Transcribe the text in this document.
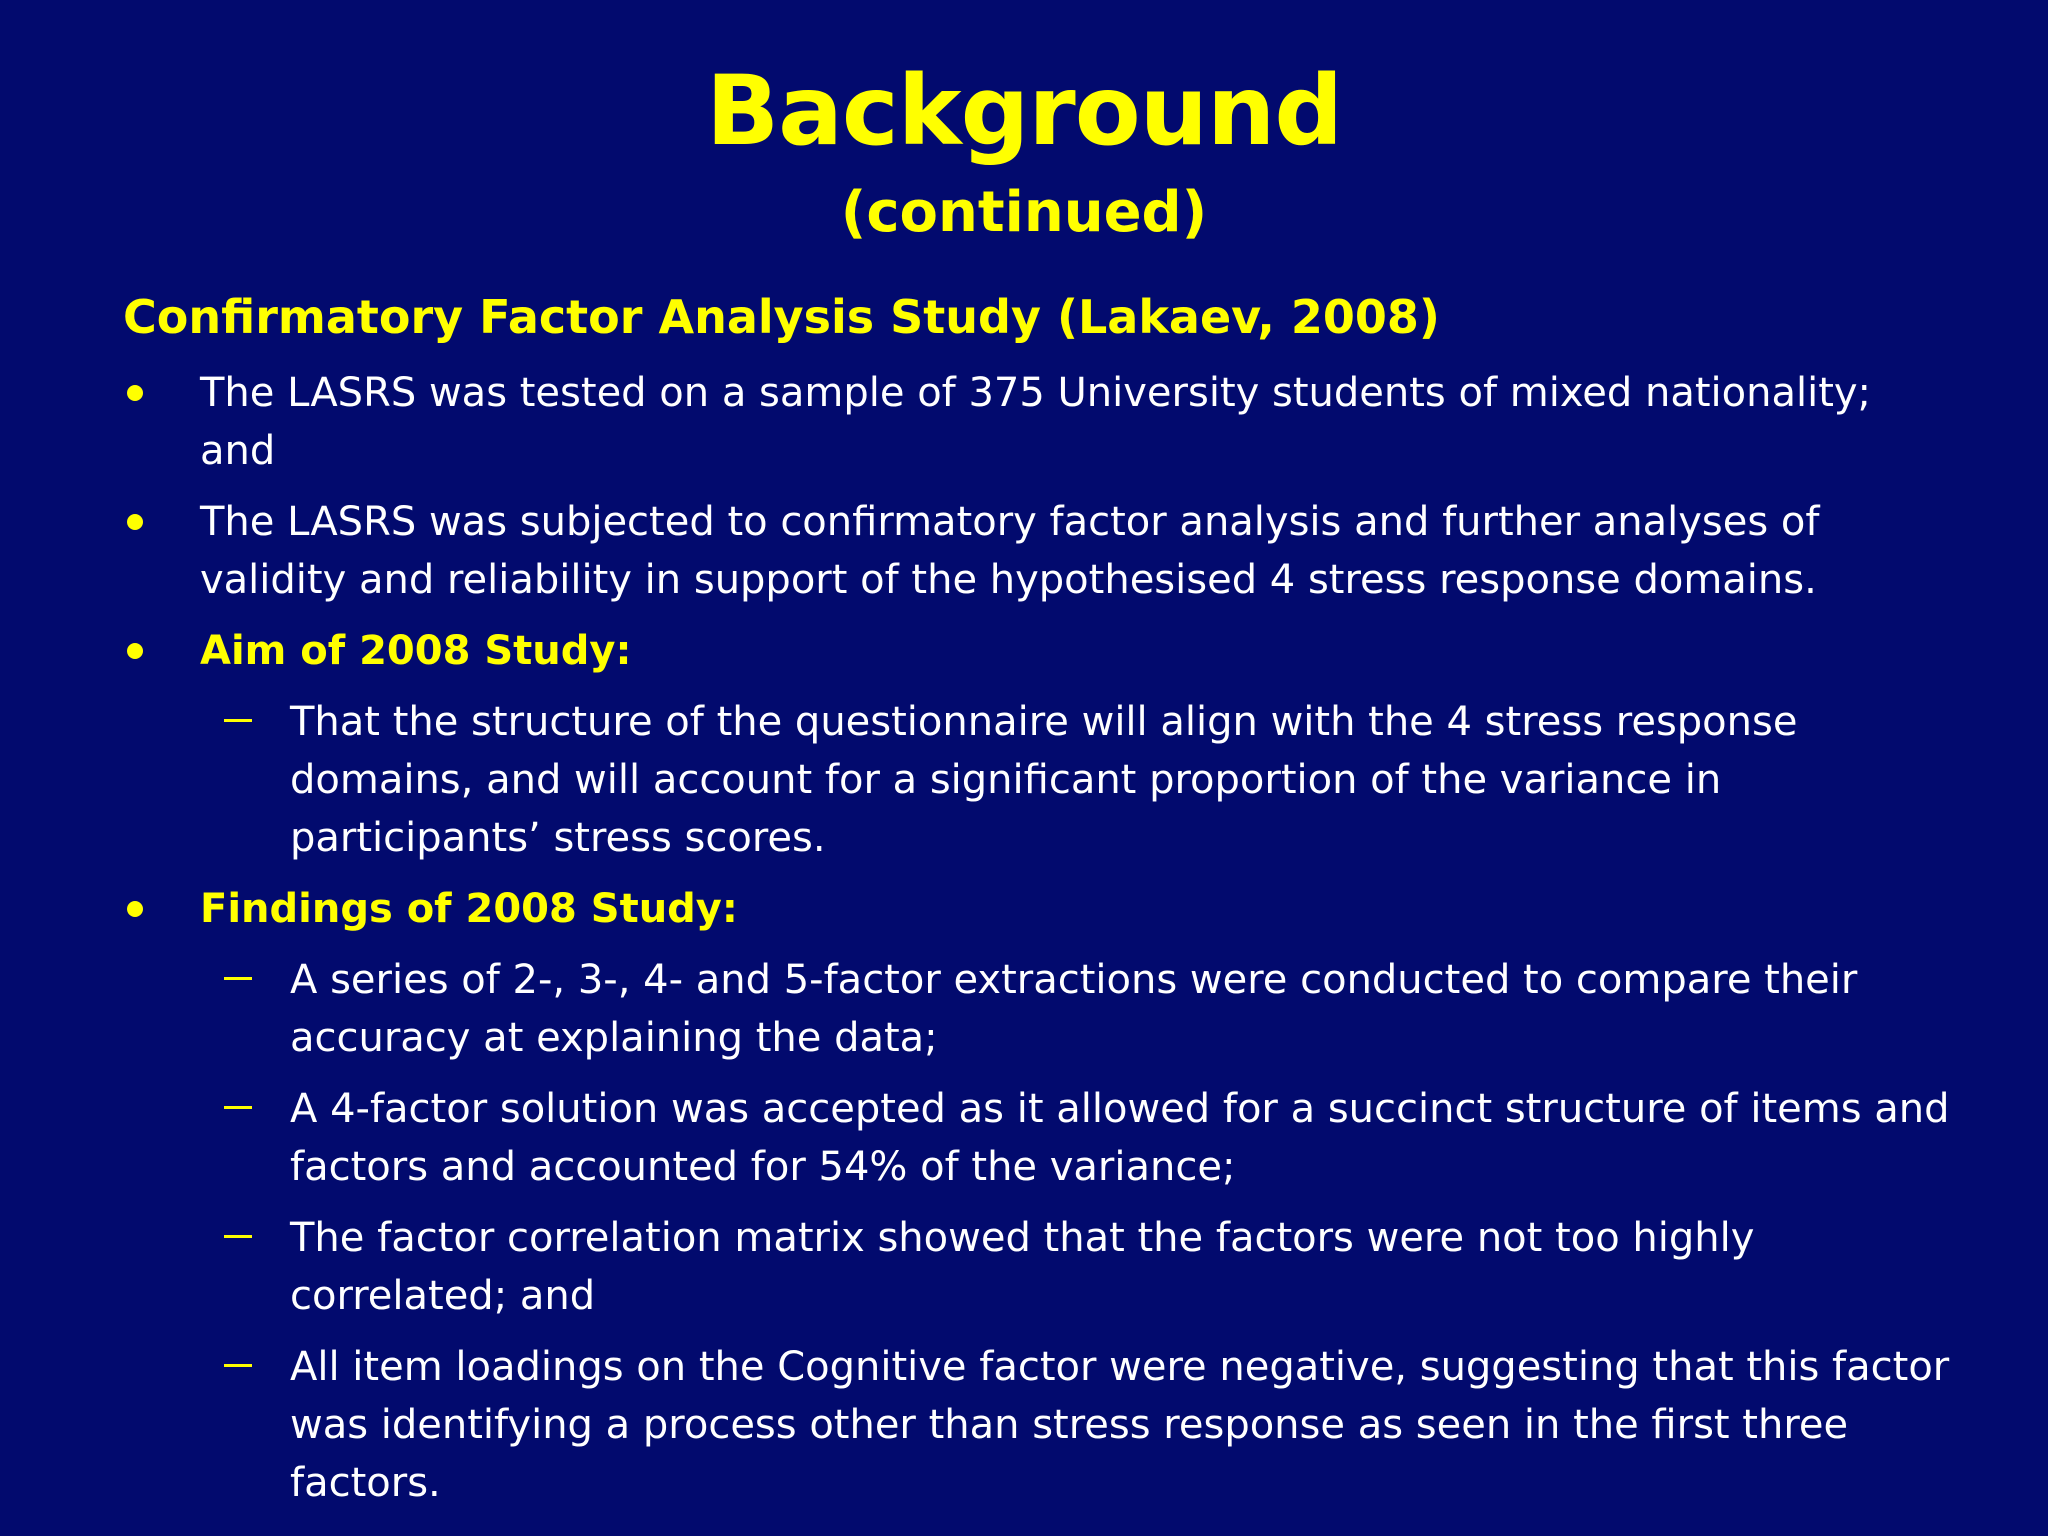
Background
(continued)
Confirmatory Factor Analysis Study (Lakaev, 2008)
The LASRS was tested on a sample of 375 University students of mixed nationality; and
The LASRS was subjected to confirmatory factor analysis and further analyses of validity and reliability in support of the hypothesised 4 stress response domains.
Aim of 2008 Study:
That the structure of the questionnaire will align with the 4 stress response domains, and will account for a significant proportion of the variance in participants’ stress scores.
Findings of 2008 Study:
A series of 2-, 3-, 4- and 5-factor extractions were conducted to compare their accuracy at explaining the data;
A 4-factor solution was accepted as it allowed for a succinct structure of items and factors and accounted for 54% of the variance;
The factor correlation matrix showed that the factors were not too highly correlated; and
All item loadings on the Cognitive factor were negative, suggesting that this factor was identifying a process other than stress response as seen in the first three factors.
